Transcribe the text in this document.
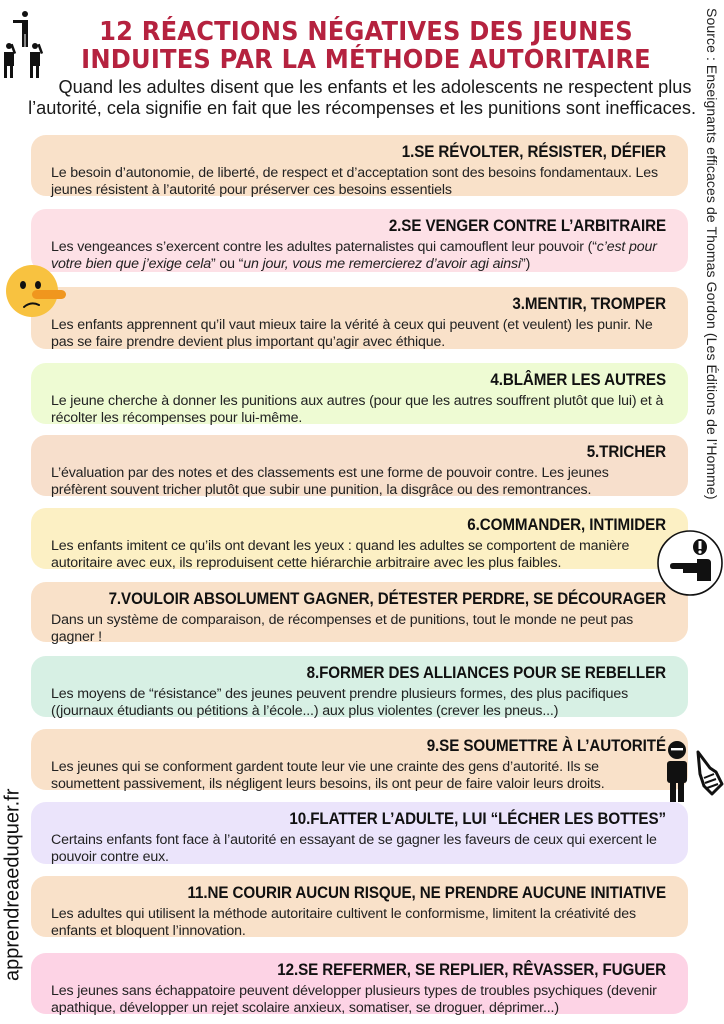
12 RÉACTIONS NÉGATIVES DES JEUNES
INDUITES PAR LA MÉTHODE AUTORITAIRE
Quand les adultes disent que les enfants et les adolescents ne respectent plus
l’autorité, cela signifie en fait que les récompenses et les punitions sont inefficaces. Source : Enseignants efficaces de Thomas Gordon (Les Éditions de l’Homme)
apprendreaeduquer.fr
1.SE RÉVOLTER, RÉSISTER, DÉFIER
Le besoin d’autonomie, de liberté, de respect et d’acceptation sont des besoins fondamentaux. Les jeunes résistent à l’autorité pour préserver ces besoins essentiels
2.SE VENGER CONTRE L’ARBITRAIRE
Les vengeances s’exercent contre les adultes paternalistes qui camouflent leur pouvoir (“c’est pour votre bien que j’exige cela” ou “un jour, vous me remercierez d’avoir agi ainsi”)
3.MENTIR, TROMPER
Les enfants apprennent qu’il vaut mieux taire la vérité à ceux qui peuvent (et veulent) les punir. Ne pas se faire prendre devient plus important qu’agir avec éthique.
4.BLÂMER LES AUTRES
Le jeune cherche à donner les punitions aux autres (pour que les autres souffrent plutôt que lui) et à récolter les récompenses pour lui-même.
5.TRICHER
L’évaluation par des notes et des classements est une forme de pouvoir contre. Les jeunes préfèrent souvent tricher plutôt que subir une punition, la disgrâce ou des remontrances.
6.COMMANDER, INTIMIDER
Les enfants imitent ce qu’ils ont devant les yeux : quand les adultes se comportent de manière autoritaire avec eux, ils reproduisent cette hiérarchie arbitraire avec les plus faibles.
7.VOULOIR ABSOLUMENT GAGNER, DÉTESTER PERDRE, SE DÉCOURAGER
Dans un système de comparaison, de récompenses et de punitions, tout le monde ne peut pas gagner !
8.FORMER DES ALLIANCES POUR SE REBELLER
Les moyens de “résistance” des jeunes peuvent prendre plusieurs formes, des plus pacifiques ((journaux étudiants ou pétitions à l’école...) aux plus violentes (crever les pneus...)
9.SE SOUMETTRE À L’AUTORITÉ
Les jeunes qui se conforment gardent toute leur vie une crainte des gens d’autorité. Ils se soumettent passivement, ils négligent leurs besoins, ils ont peur de faire valoir leurs droits.
10.FLATTER L’ADULTE, LUI “LÉCHER LES BOTTES”
Certains enfants font face à l’autorité en essayant de se gagner les faveurs de ceux qui exercent le pouvoir contre eux.
11.NE COURIR AUCUN RISQUE, NE PRENDRE AUCUNE INITIATIVE
Les adultes qui utilisent la méthode autoritaire cultivent le conformisme, limitent la créativité des enfants et bloquent l’innovation.
12.SE REFERMER, SE REPLIER, RÊVASSER, FUGUER
Les jeunes sans échappatoire peuvent développer plusieurs types de troubles psychiques (devenir apathique, développer un rejet scolaire anxieux, somatiser, se droguer, déprimer...)
